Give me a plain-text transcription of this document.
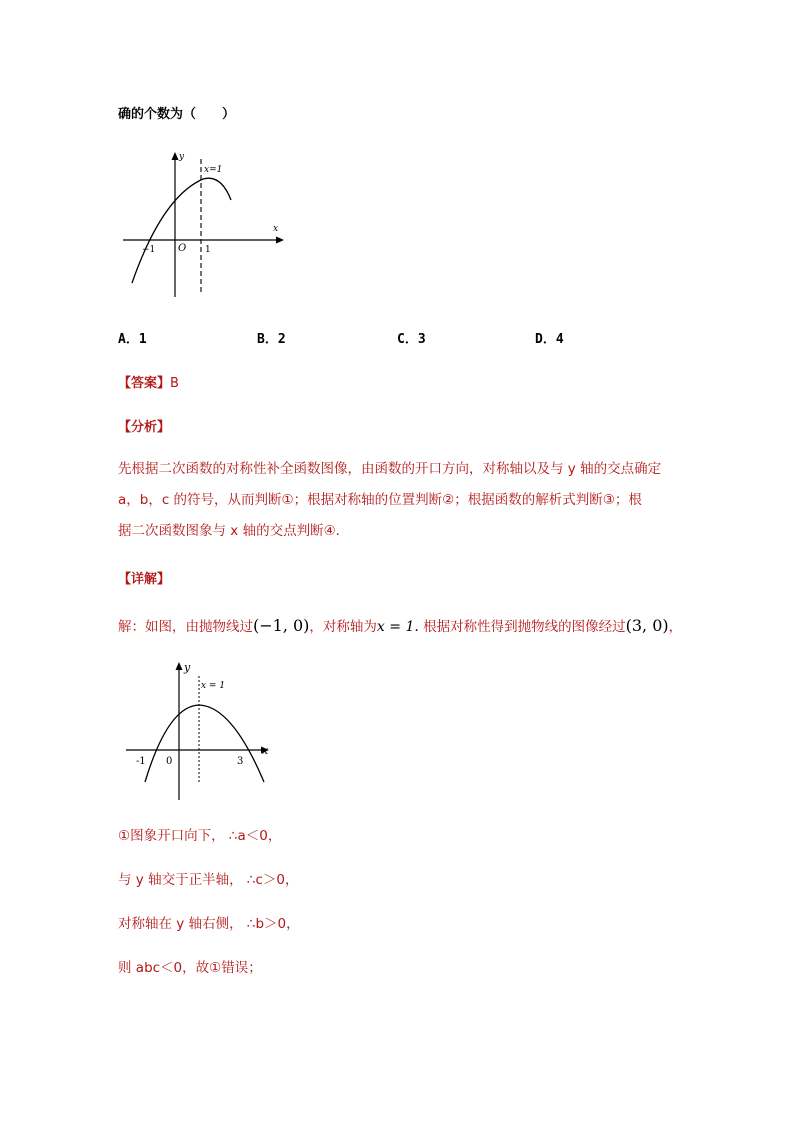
确的个数为（　　）
y
x
O
−1	1
x=1
A．1	B．2	C．3	D．4
【答案】B
【分析】
先根据二次函数的对称性补全函数图像，由函数的开口方向，对称轴以及与 y 轴的交点确定
a，b，c 的符号，从而判断①；根据对称轴的位置判断②；根据函数的解析式判断③；根
据二次函数图象与 x 轴的交点判断④．
【详解】
解：如图，由抛物线过(−1, 0)，对称轴为x = 1. 根据对称性得到抛物线的图像经过(3, 0)，
y
x
x = 1
-1 0	3
①图象开口向下， ∴a＜0，
与 y 轴交于正半轴， ∴c＞0，
对称轴在 y 轴右侧， ∴b＞0，
则 abc＜0，故①错误；
